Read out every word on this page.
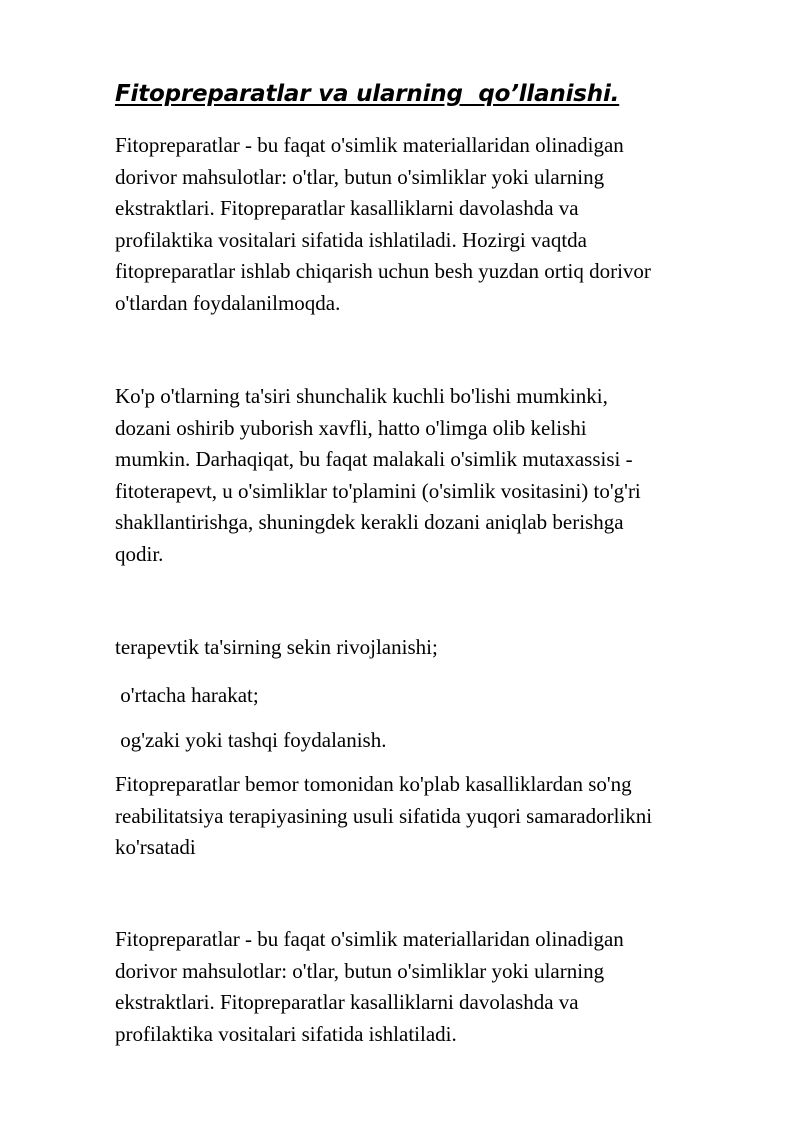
Fitopreparatlar va ularning  qo’llanishi.

Fitopreparatlar - bu faqat o'simlik materiallaridan olinadigan
dorivor mahsulotlar: o'tlar, butun o'simliklar yoki ularning
ekstraktlari. Fitopreparatlar kasalliklarni davolashda va
profilaktika vositalari sifatida ishlatiladi. Hozirgi vaqtda
fitopreparatlar ishlab chiqarish uchun besh yuzdan ortiq dorivor
o'tlardan foydalanilmoqda.

Ko'p o'tlarning ta'siri shunchalik kuchli bo'lishi mumkinki,
dozani oshirib yuborish xavfli, hatto o'limga olib kelishi
mumkin. Darhaqiqat, bu faqat malakali o'simlik mutaxassisi -
fitoterapevt, u o'simliklar to'plamini (o'simlik vositasini) to'g'ri
shakllantirishga, shuningdek kerakli dozani aniqlab berishga
qodir.

terapevtik ta'sirning sekin rivojlanishi;

o'rtacha harakat;

og'zaki yoki tashqi foydalanish.

Fitopreparatlar bemor tomonidan ko'plab kasalliklardan so'ng
reabilitatsiya terapiyasining usuli sifatida yuqori samaradorlikni
ko'rsatadi

Fitopreparatlar - bu faqat o'simlik materiallaridan olinadigan
dorivor mahsulotlar: o'tlar, butun o'simliklar yoki ularning
ekstraktlari. Fitopreparatlar kasalliklarni davolashda va
profilaktika vositalari sifatida ishlatiladi.
